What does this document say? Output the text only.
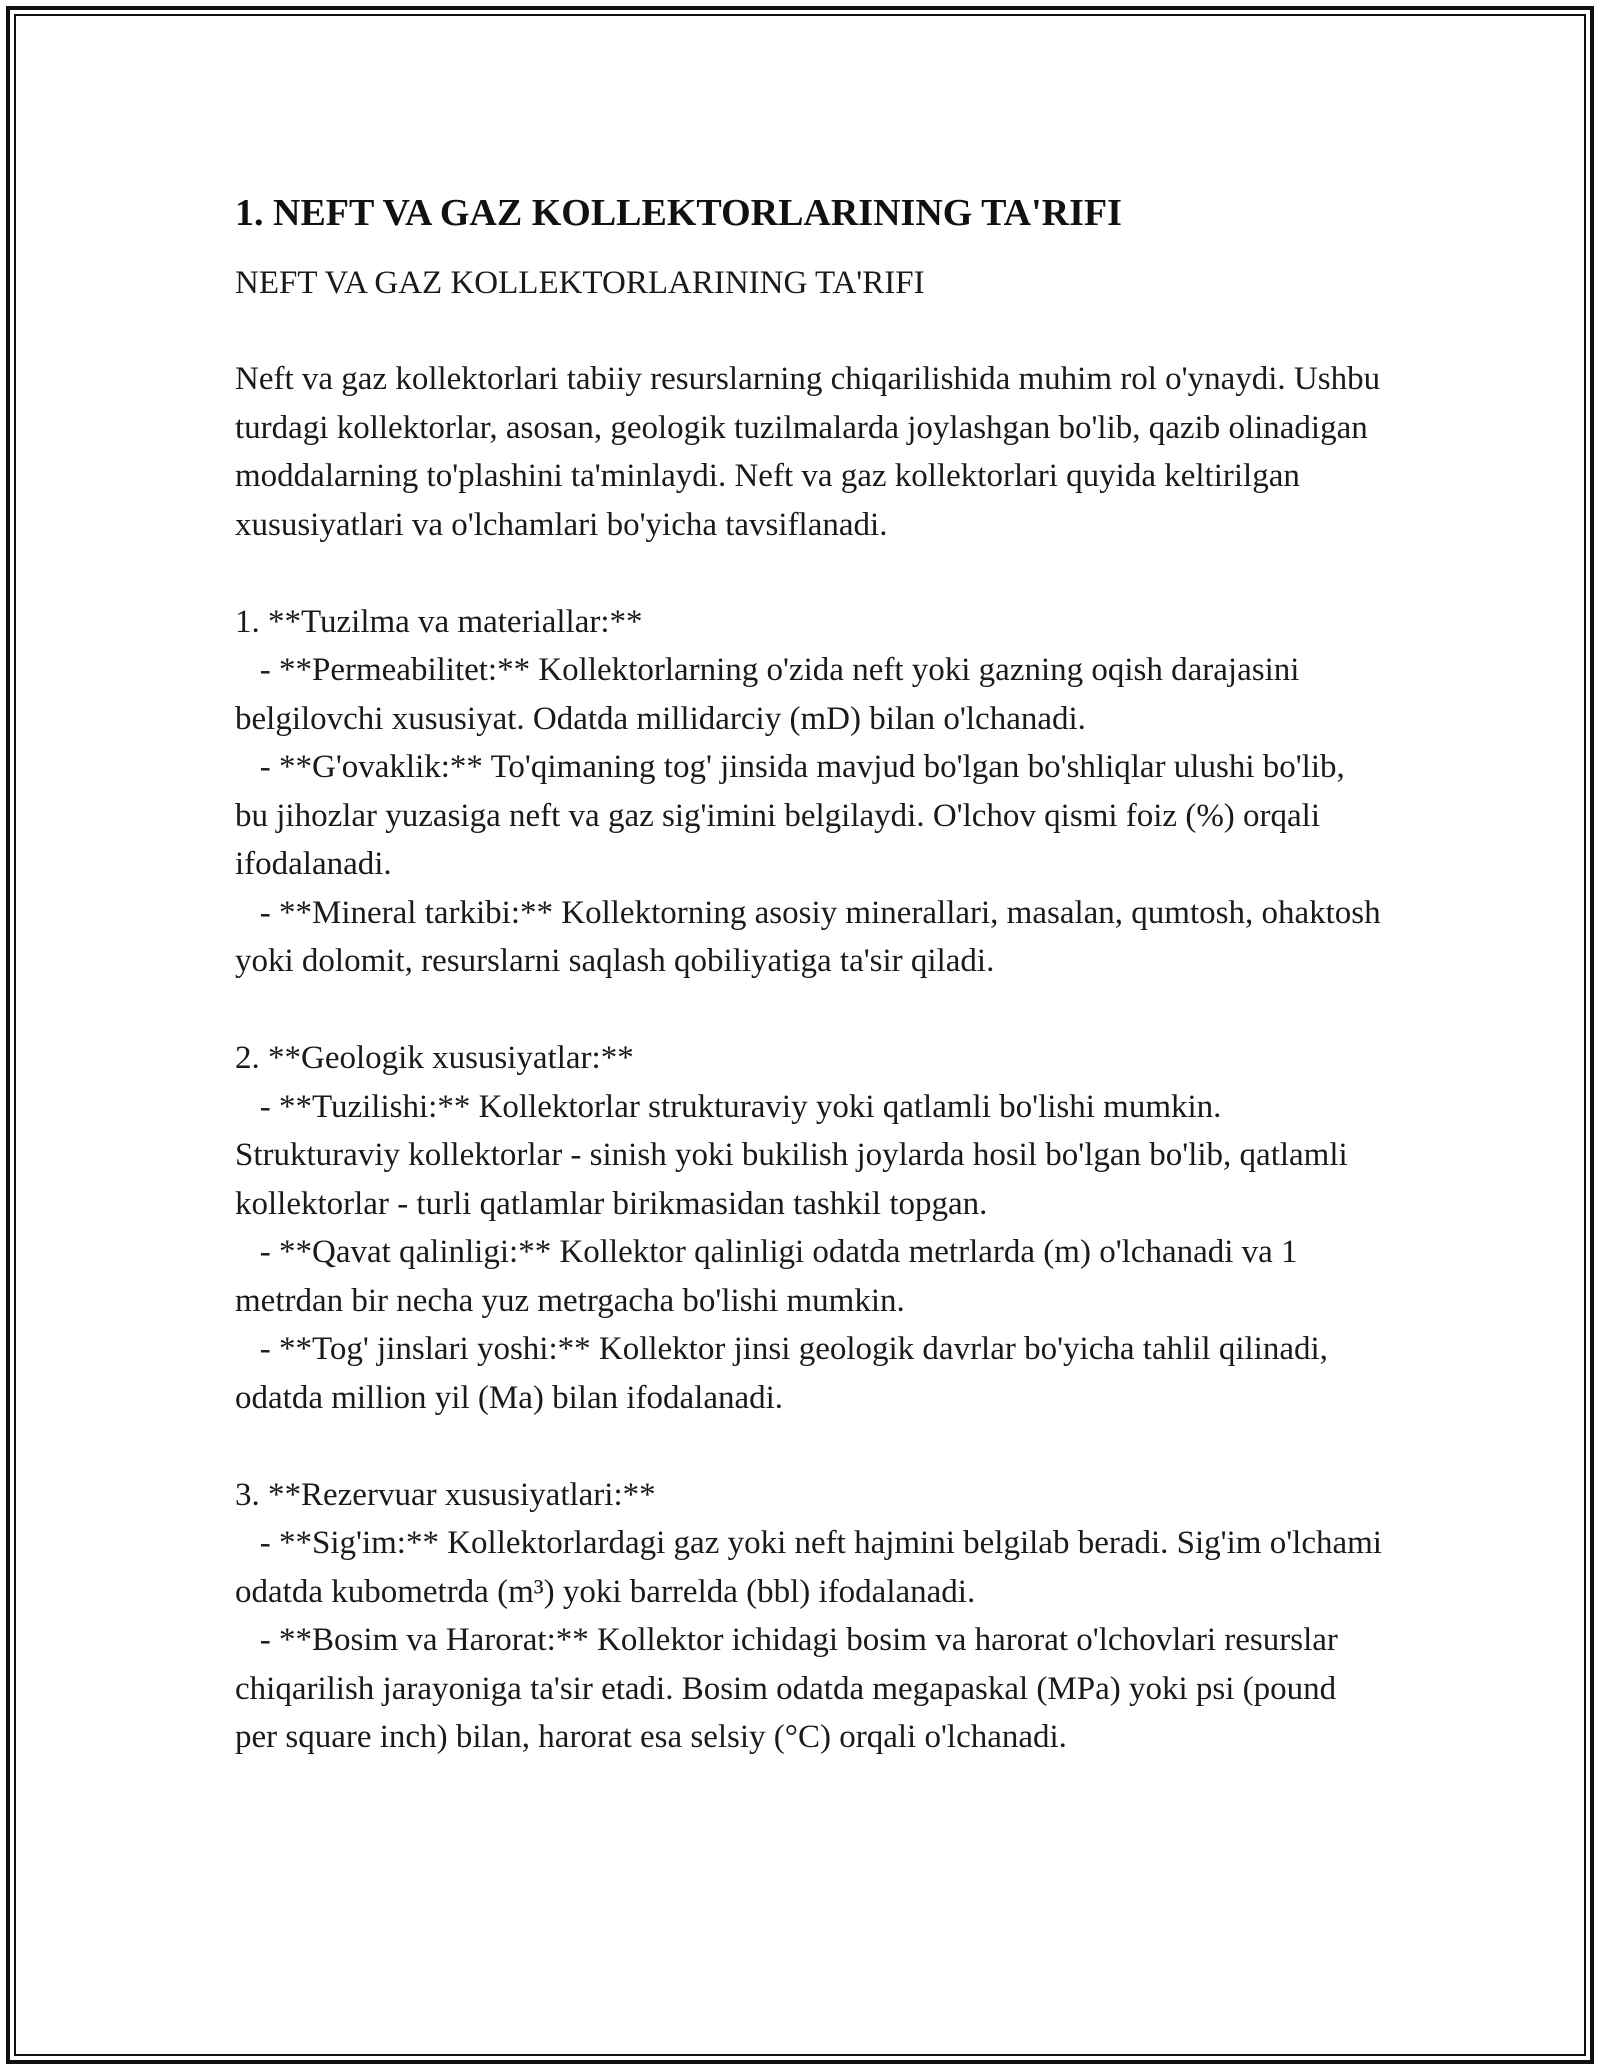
1. NEFT VA GAZ KOLLEKTORLARINING TA'RIFI

NEFT VA GAZ KOLLEKTORLARINING TA'RIFI

Neft va gaz kollektorlari tabiiy resurslarning chiqarilishida muhim rol o'ynaydi. Ushbu turdagi kollektorlar, asosan, geologik tuzilmalarda joylashgan bo'lib, qazib olinadigan moddalarning to'plashini ta'minlaydi. Neft va gaz kollektorlari quyida keltirilgan xususiyatlari va o'lchamlari bo'yicha tavsiflanadi.

1. **Tuzilma va materiallar:**

- **Permeabilitet:** Kollektorlarning o'zida neft yoki gazning oqish darajasini belgilovchi xususiyat. Odatda millidarciy (mD) bilan o'lchanadi.

- **G'ovaklik:** To'qimaning tog' jinsida mavjud bo'lgan bo'shliqlar ulushi bo'lib, bu jihozlar yuzasiga neft va gaz sig'imini belgilaydi. O'lchov qismi foiz (%) orqali ifodalanadi.

- **Mineral tarkibi:** Kollektorning asosiy minerallari, masalan, qumtosh, ohaktosh yoki dolomit, resurslarni saqlash qobiliyatiga ta'sir qiladi.

2. **Geologik xususiyatlar:**

- **Tuzilishi:** Kollektorlar strukturaviy yoki qatlamli bo'lishi mumkin. Strukturaviy kollektorlar - sinish yoki bukilish joylarda hosil bo'lgan bo'lib, qatlamli kollektorlar - turli qatlamlar birikmasidan tashkil topgan.

- **Qavat qalinligi:** Kollektor qalinligi odatda metrlarda (m) o'lchanadi va 1 metrdan bir necha yuz metrgacha bo'lishi mumkin.

- **Tog' jinslari yoshi:** Kollektor jinsi geologik davrlar bo'yicha tahlil qilinadi, odatda million yil (Ma) bilan ifodalanadi.

3. **Rezervuar xususiyatlari:**

- **Sig'im:** Kollektorlardagi gaz yoki neft hajmini belgilab beradi. Sig'im o'lchami odatda kubometrda (m³) yoki barrelda (bbl) ifodalanadi.

- **Bosim va Harorat:** Kollektor ichidagi bosim va harorat o'lchovlari resurslar chiqarilish jarayoniga ta'sir etadi. Bosim odatda megapaskal (MPa) yoki psi (pound per square inch) bilan, harorat esa selsiy (°C) orqali o'lchanadi.
